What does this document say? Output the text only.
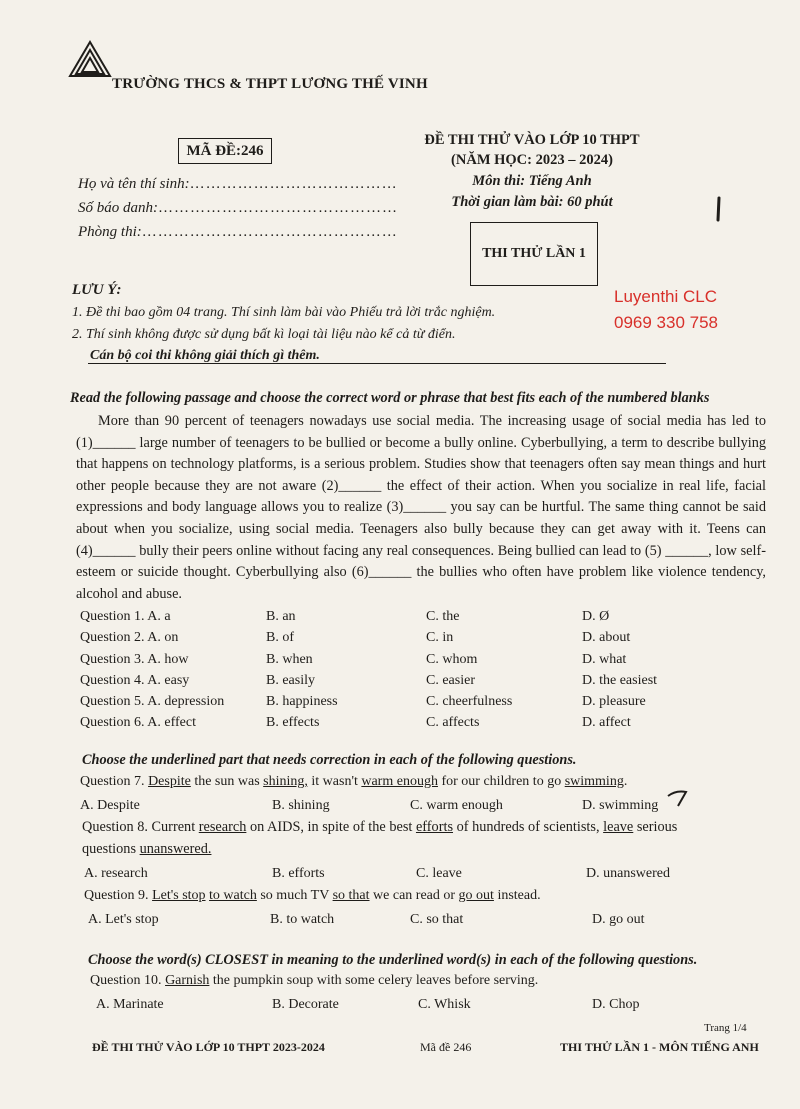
TRƯỜNG THCS & THPT LƯƠNG THẾ VINH
MÃ ĐỀ:246
Họ và tên thí sinh:…………………………………
Số báo danh:………………………………………
Phòng thi:…………………………………………
ĐỀ THI THỬ VÀO LỚP 10 THPT
(NĂM HỌC: 2023 – 2024)
Môn thi: Tiếng Anh
Thời gian làm bài: 60 phút
THI THỬ LẦN 1
LƯU Ý:
1. Đề thi bao gồm 04 trang. Thí sinh làm bài vào Phiếu trả lời trắc nghiệm.
2. Thí sinh không được sử dụng bất kì loại tài liệu nào kể cả từ điển.
Cán bộ coi thi không giải thích gì thêm.
Luyenthi CLC
0969 330 758
Read the following passage and choose the correct word or phrase that best fits each of the numbered blanks

More than 90 percent of teenagers nowadays use social media. The increasing usage of social media has led to (1)______ large number of teenagers to be bullied or become a bully online. Cyberbullying, a term to describe bullying that happens on technology platforms, is a serious problem. Studies show that teenagers often say mean things and hurt other people because they are not aware (2)______ the effect of their action. When you socialize in real life, facial expressions and body language allows you to realize (3)______ you say can be hurtful. The same thing cannot be said about when you socialize, using social media. Teenagers also bully because they can get away with it. Teens can (4)______ bully their peers online without facing any real consequences. Being bullied can lead to (5) ______, low self-esteem or suicide thought. Cyberbullying also (6)______ the bullies who often have problem like violence tendency, alcohol and abuse.

Question 1. A. a	B. an	C. the	D. Ø
Question 2. A. on	B. of	C. in	D. about
Question 3. A. how	B. when	C. whom	D. what
Question 4. A. easy	B. easily	C. easier	D. the easiest
Question 5. A. depression	B. happiness	C. cheerfulness	D. pleasure
Question 6. A. effect	B. effects	C. affects	D. affect
Choose the underlined part that needs correction in each of the following questions.
Question 7. Despite the sun was shining, it wasn't warm enough for our children to go swimming.
A. Despite	B. shining	C. warm enough	D. swimming
Question 8. Current research on AIDS, in spite of the best efforts of hundreds of scientists, leave serious questions unanswered.
A. research	B. efforts	C. leave	D. unanswered
Question 9. Let's stop to watch so much TV so that we can read or go out instead.
A. Let's stop	B. to watch	C. so that	D. go out
Choose the word(s) CLOSEST in meaning to the underlined word(s) in each of the following questions.
Question 10. Garnish the pumpkin soup with some celery leaves before serving.
A. Marinate	B. Decorate	C. Whisk	D. Chop
Trang 1/4
ĐỀ THI THỬ VÀO LỚP 10 THPT 2023-2024	Mã đề 246	THI THỬ LẦN 1 - MÔN TIẾNG ANH
